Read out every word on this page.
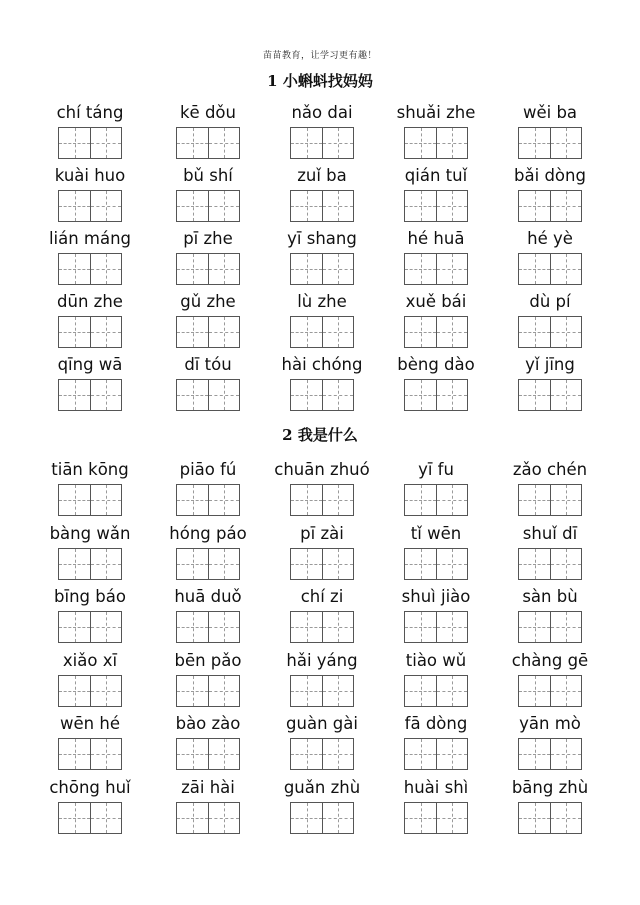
苗苗教育，让学习更有趣！
1 小蝌蚪找妈妈
chí táng	kē dǒu	nǎo dai	shuǎi zhe	wěi ba
kuài huo	bǔ shí	zuǐ ba	qián tuǐ	bǎi dòng
lián máng	pī zhe	yī shang	hé huā	hé yè
dūn zhe	gǔ zhe	lù zhe	xuě bái	dù pí
qīng wā	dī tóu	hài chóng	bèng dào	yǐ jīng
2 我是什么
tiān kōng	piāo fú	chuān zhuó	yī fu	zǎo chén
bàng wǎn	hóng páo	pī zài	tǐ wēn	shuǐ dī
bīng báo	huā duǒ	chí zi	shuì jiào	sàn bù
xiǎo xī	bēn pǎo	hǎi yáng	tiào wǔ	chàng gē
wēn hé	bào zào	guàn gài	fā dòng	yān mò
chōng huǐ	zāi hài	guǎn zhù	huài shì	bāng zhù
